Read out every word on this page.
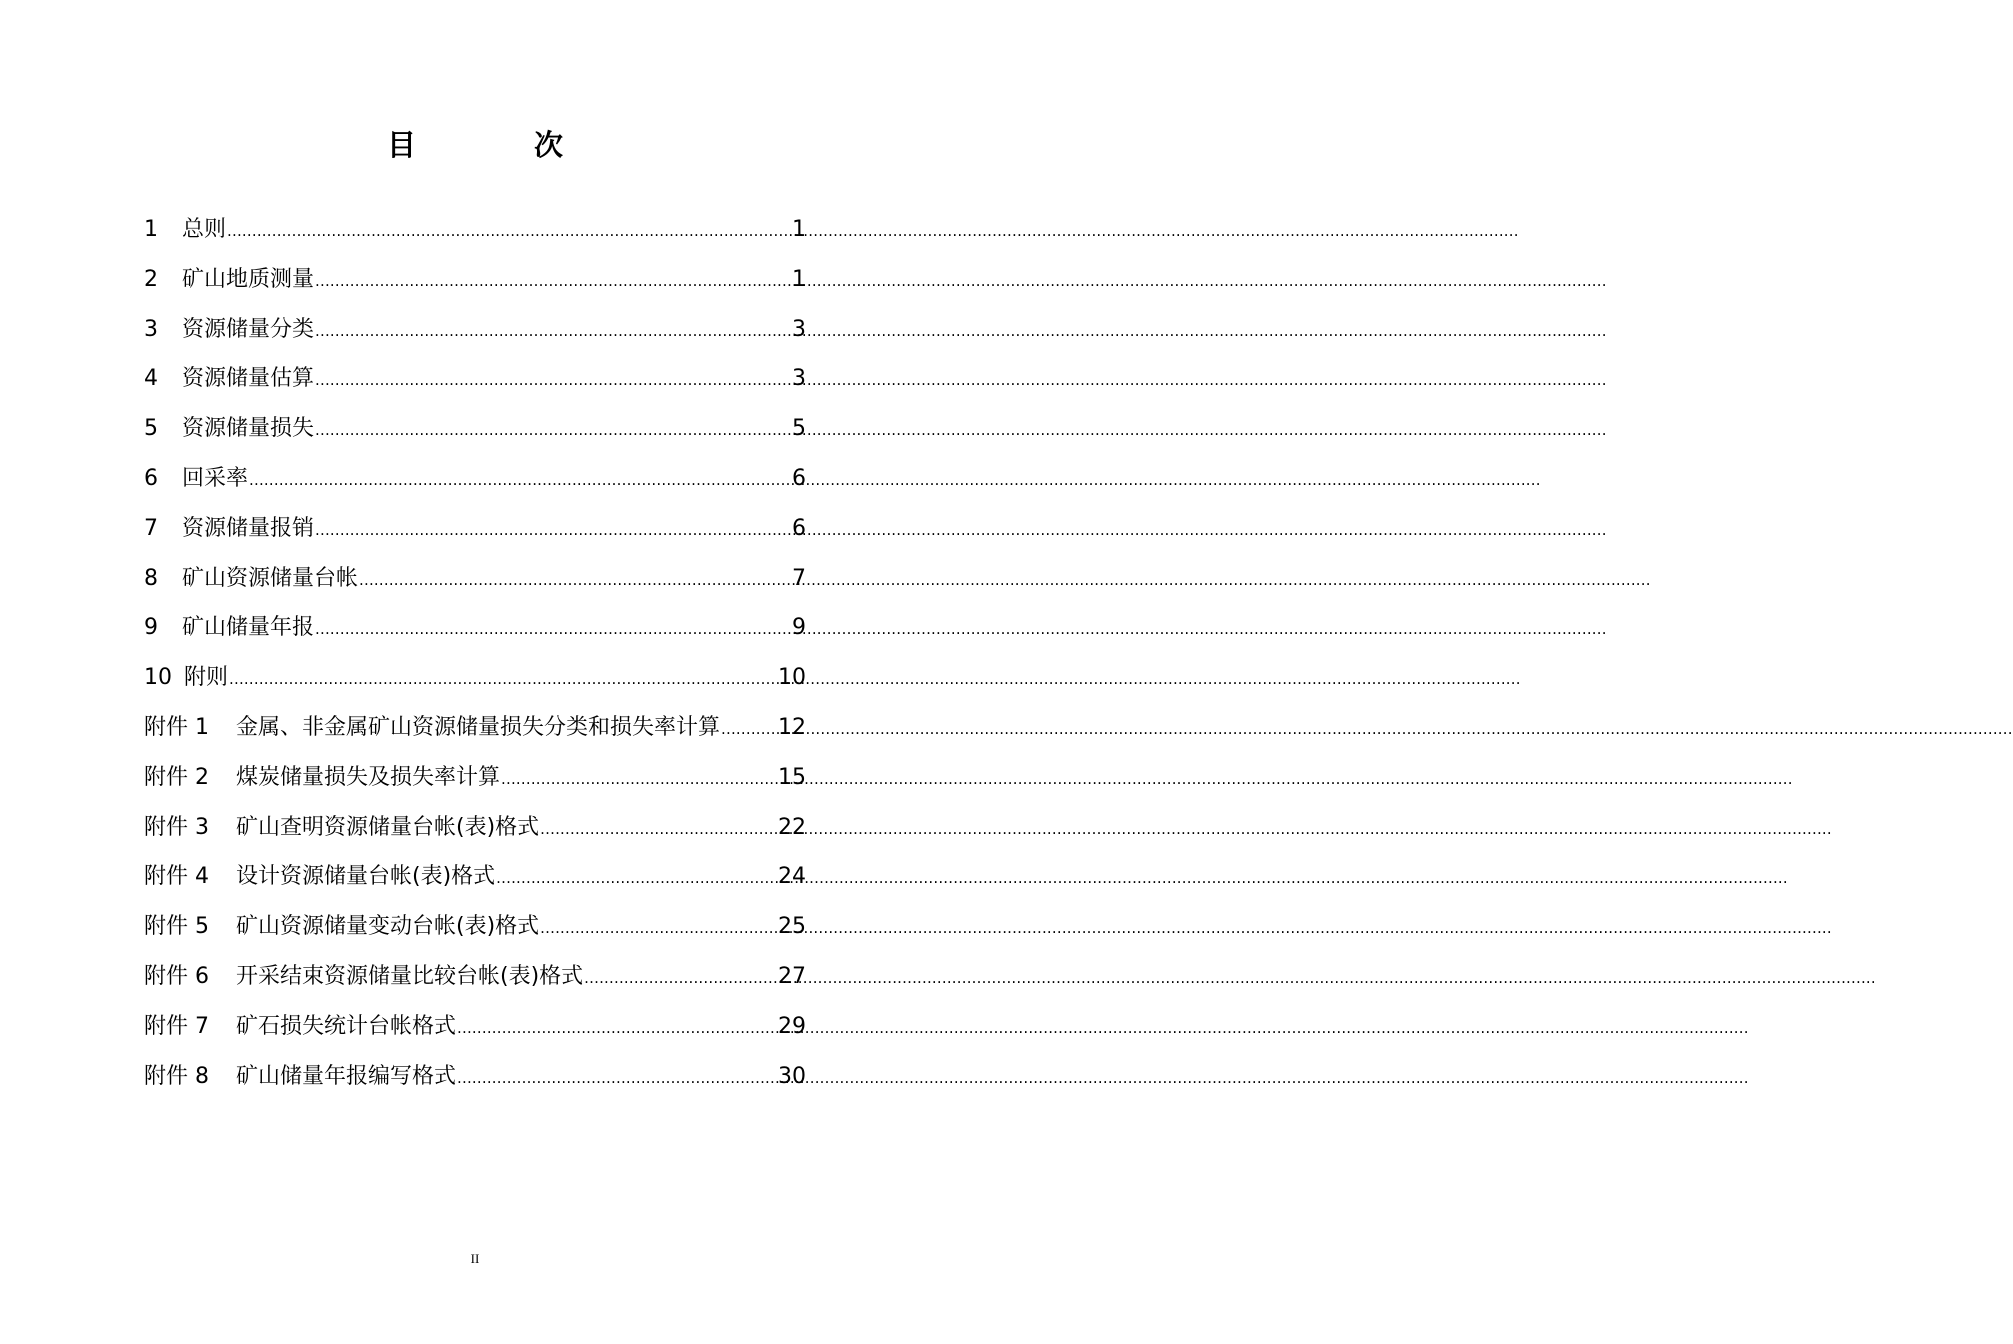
目 次
1	总则 .....	1
2	矿山地质测量 .....	1
3	资源储量分类 .....	3
4	资源储量估算 .....	3
5	资源储量损失 .....	5
6	回采率 .....	6
7	资源储量报销 .....	6
8	矿山资源储量台帐 .....	7
9	矿山储量年报 .....	9
10 附则 .....	10
附件 1	金属、非金属矿山资源储量损失分类和损失率计算 .....	12
附件 2	煤炭储量损失及损失率计算 .....	15
附件 3	矿山查明资源储量台帐(表)格式 .....	22
附件 4	设计资源储量台帐(表)格式 .....	24
附件 5	矿山资源储量变动台帐(表)格式 .....	25
附件 6	开采结束资源储量比较台帐(表)格式 .....	27
附件 7	矿石损失统计台帐格式 .....	29
附件 8	矿山储量年报编写格式 .....	30
II
